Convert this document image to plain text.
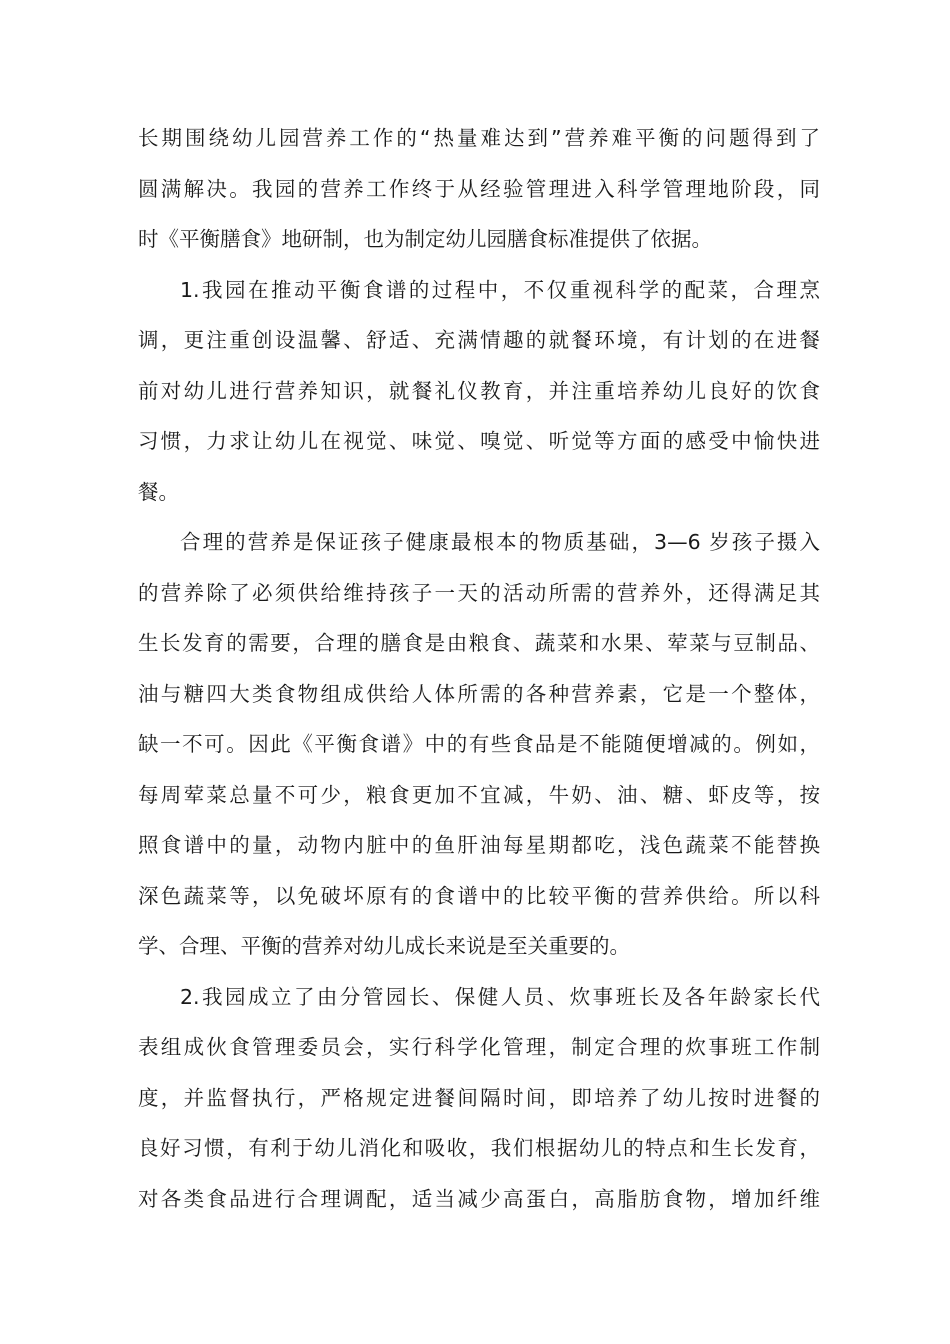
长期围绕幼儿园营养工作的“热量难达到”营养难平衡的问题得到了
圆满解决。我园的营养工作终于从经验管理进入科学管理地阶段，同
时《平衡膳食》地研制，也为制定幼儿园膳食标准提供了依据。
1.我园在推动平衡食谱的过程中，不仅重视科学的配菜，合理烹
调，更注重创设温馨、舒适、充满情趣的就餐环境，有计划的在进餐
前对幼儿进行营养知识，就餐礼仪教育，并注重培养幼儿良好的饮食
习惯，力求让幼儿在视觉、味觉、嗅觉、听觉等方面的感受中愉快进
餐。
合理的营养是保证孩子健康最根本的物质基础，3—6 岁孩子摄入
的营养除了必须供给维持孩子一天的活动所需的营养外，还得满足其
生长发育的需要，合理的膳食是由粮食、蔬菜和水果、荤菜与豆制品、
油与糖四大类食物组成供给人体所需的各种营养素，它是一个整体，
缺一不可。因此《平衡食谱》中的有些食品是不能随便增减的。例如，
每周荤菜总量不可少，粮食更加不宜减，牛奶、油、糖、虾皮等，按
照食谱中的量，动物内脏中的鱼肝油每星期都吃，浅色蔬菜不能替换
深色蔬菜等，以免破坏原有的食谱中的比较平衡的营养供给。所以科
学、合理、平衡的营养对幼儿成长来说是至关重要的。
2.我园成立了由分管园长、保健人员、炊事班长及各年龄家长代
表组成伙食管理委员会，实行科学化管理，制定合理的炊事班工作制
度，并监督执行，严格规定进餐间隔时间，即培养了幼儿按时进餐的
良好习惯，有利于幼儿消化和吸收，我们根据幼儿的特点和生长发育，
对各类食品进行合理调配，适当减少高蛋白，高脂肪食物，增加纤维
